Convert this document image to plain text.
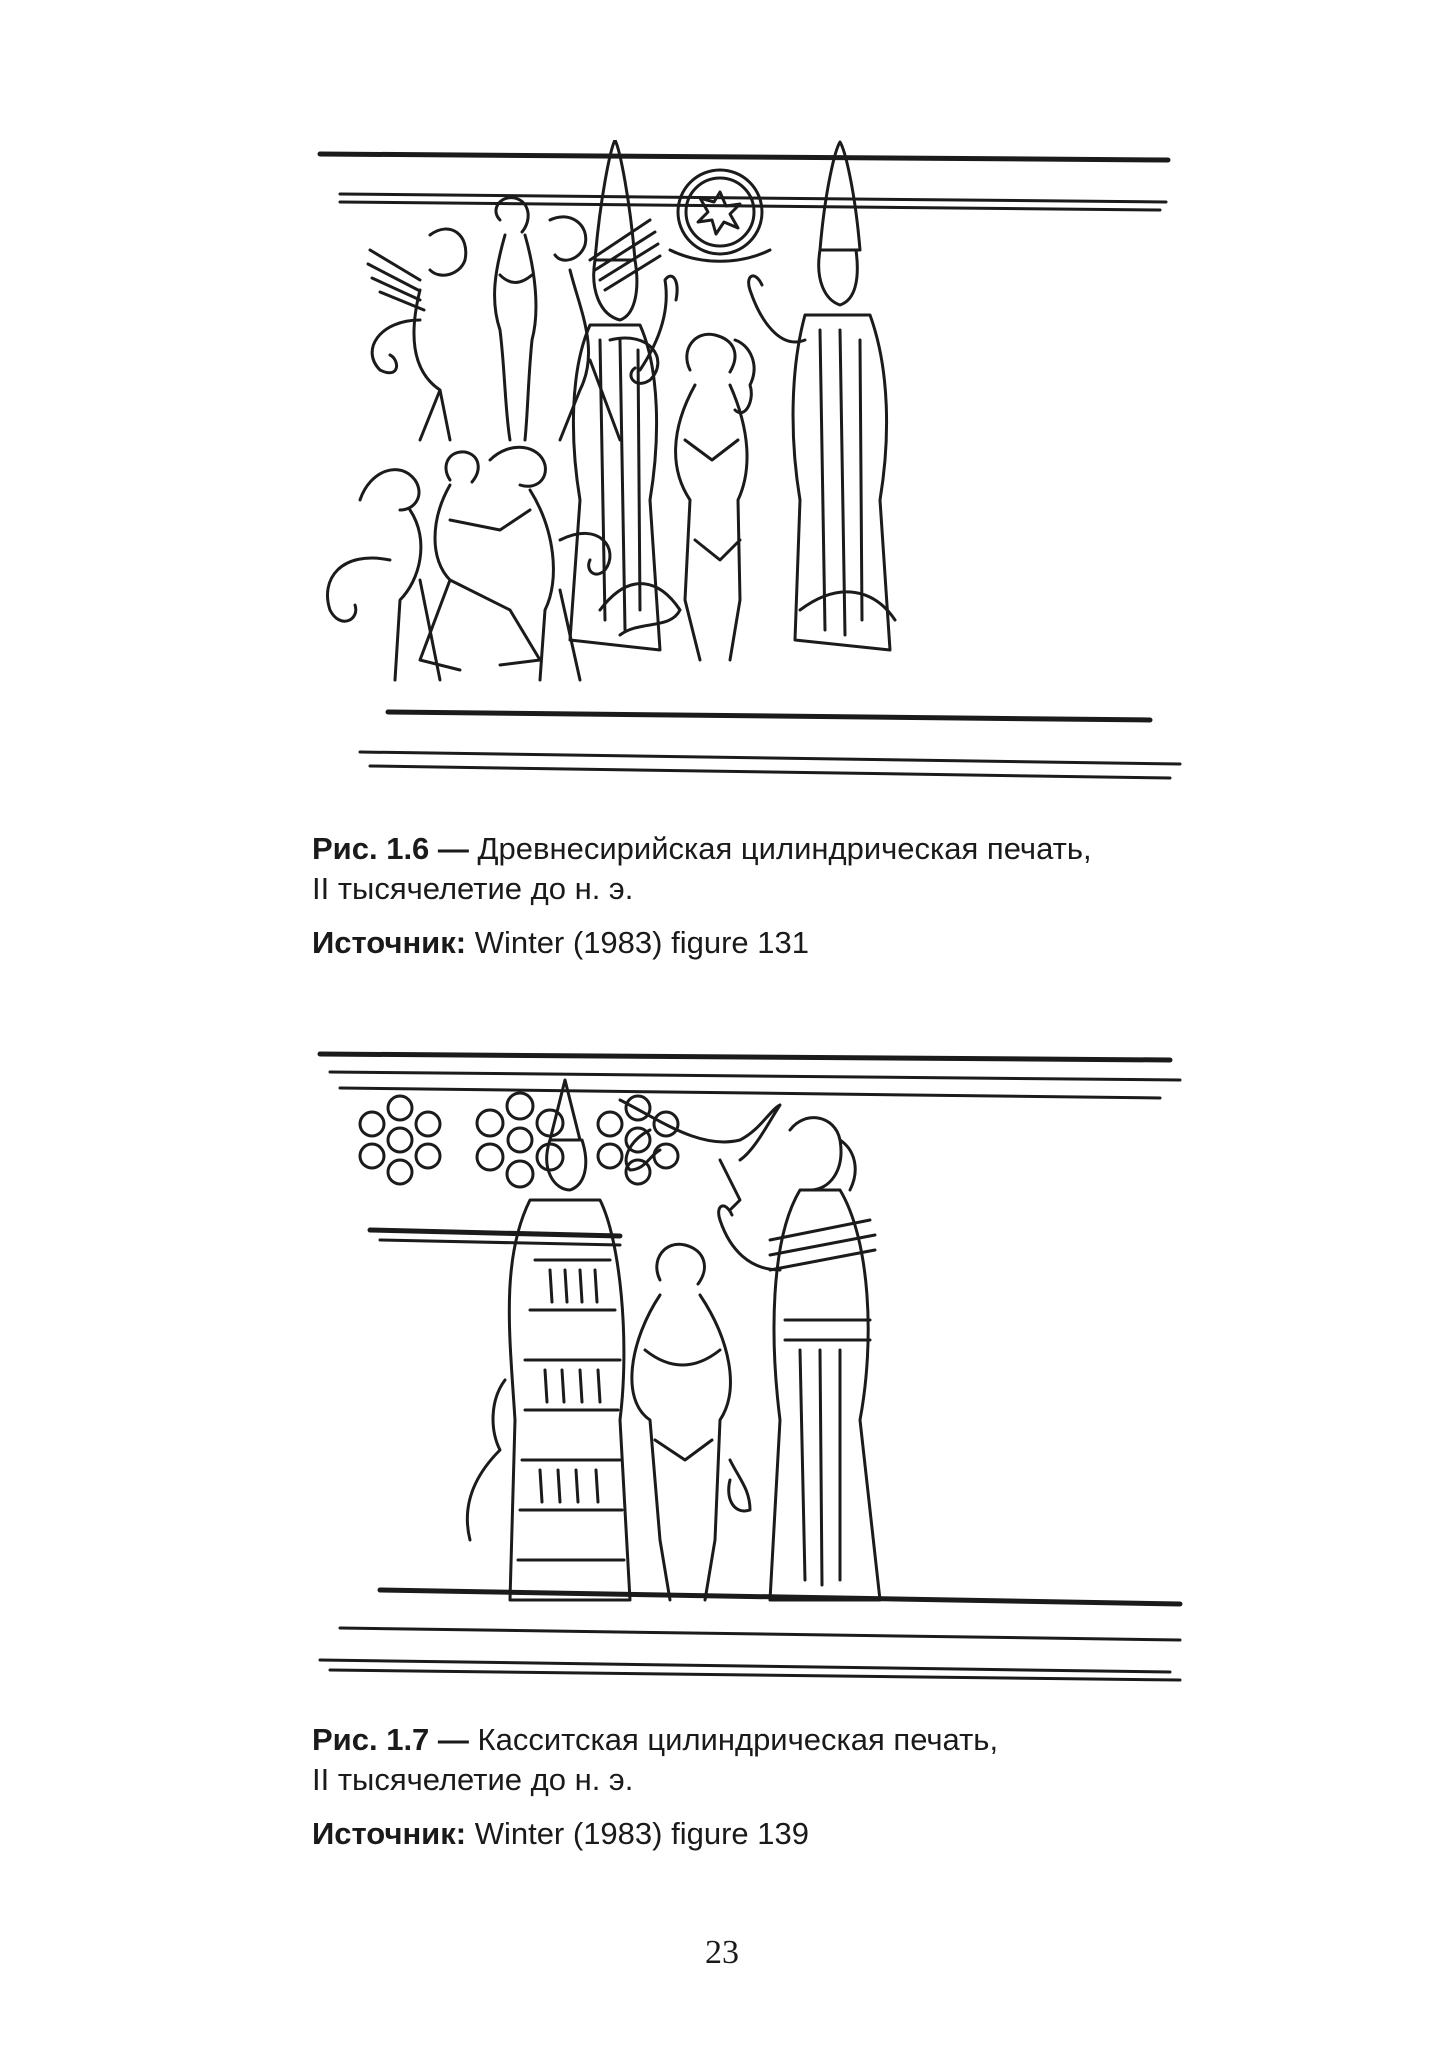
Рис. 1.6 — Древнесирийская цилиндрическая печать,
II тысячелетие до н. э.
Источник: Winter (1983) figure 131
Рис. 1.7 — Касситская цилиндрическая печать,
II тысячелетие до н. э.
Источник: Winter (1983) figure 139
23
